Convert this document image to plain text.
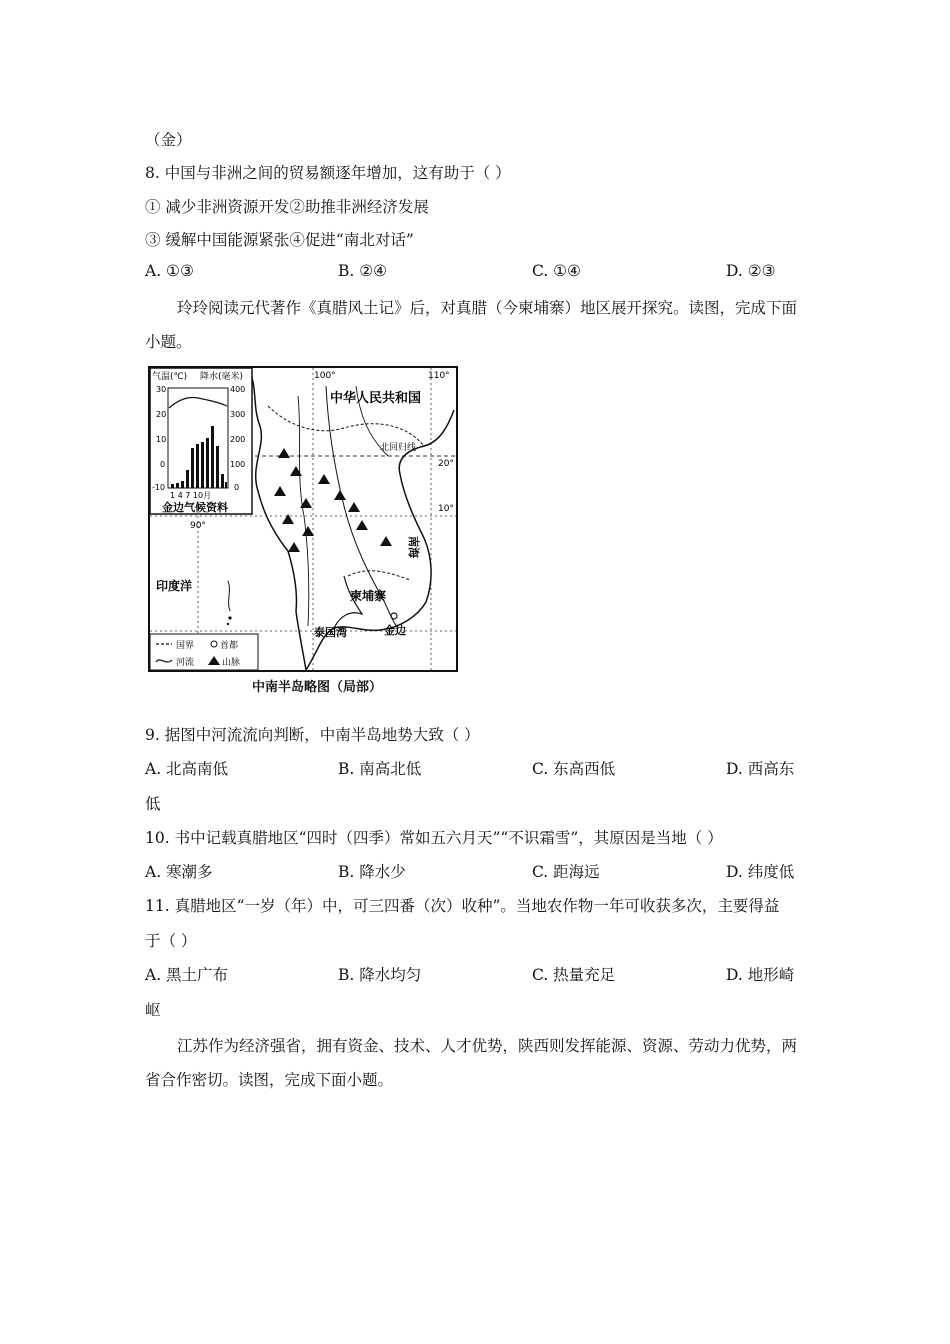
（金）
8. 中国与非洲之间的贸易额逐年增加，这有助于（ ）
① 减少非洲资源开发②助推非洲经济发展
③ 缓解中国能源紧张④促进“南北对话”
A. ①③	B. ②④	C. ①④	D. ②③
玲玲阅读元代著作《真腊风土记》后，对真腊（今柬埔寨）地区展开探究。读图，完成下面
小题。
气温(℃) 降水(毫米)
30
20
10
0
-10
400
300
200
100
0
1 4 7 10月
金边气候资料
100°	110°
90°
北回归线
20°
10°
中华人民共和国
柬埔寨
金边
南海
印度洋
泰国湾
国界	首都
河流	山脉
中南半岛略图（局部）
9. 据图中河流流向判断，中南半岛地势大致（ ）
A. 北高南低	B. 南高北低	C. 东高西低	D. 西高东
低
10. 书中记载真腊地区“四时（四季）常如五六月天”“不识霜雪”，其原因是当地（ ）
A. 寒潮多	B. 降水少	C. 距海远	D. 纬度低
11. 真腊地区“一岁（年）中，可三四番（次）收种”。当地农作物一年可收获多次，主要得益
于（ ）
A. 黑土广布	B. 降水均匀	C. 热量充足	D. 地形崎
岖
江苏作为经济强省，拥有资金、技术、人才优势，陕西则发挥能源、资源、劳动力优势，两
省合作密切。读图，完成下面小题。
